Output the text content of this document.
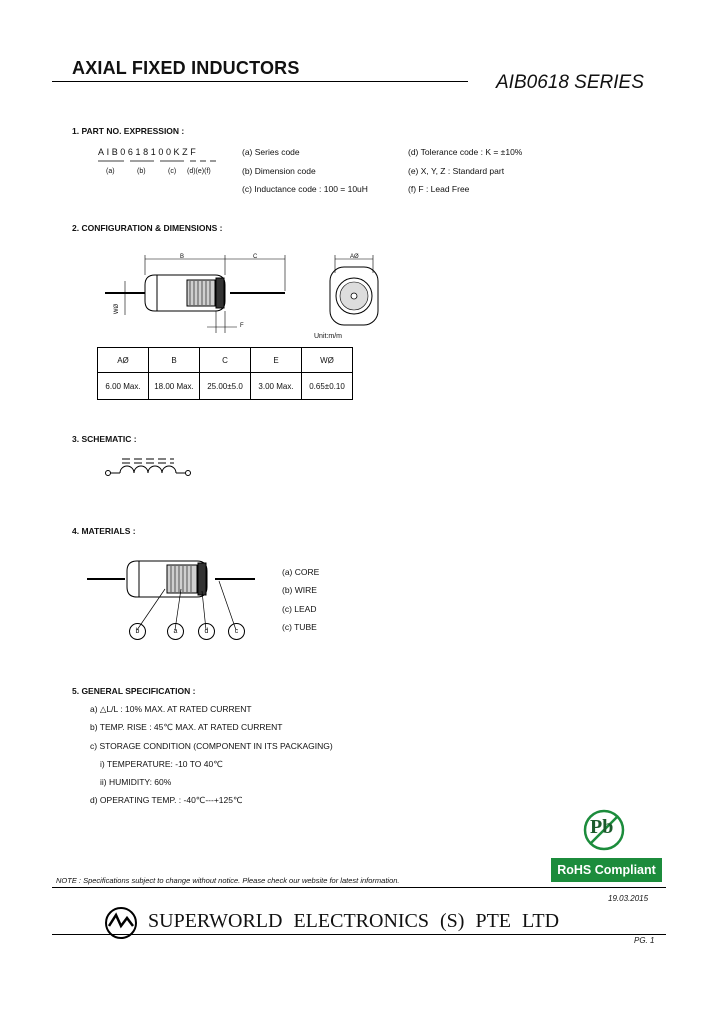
AXIAL FIXED INDUCTORS
AIB0618 SERIES
1. PART NO. EXPRESSION :
AIB0618100KZF
(a)	(b)	(c) (d)(e)(f)
(a) Series code
(b) Dimension code
(c) Inductance code : 100 = 10uH
(d) Tolerance code : K = ±10%
(e) X, Y, Z : Standard part
(f) F : Lead Free
2. CONFIGURATION & DIMENSIONS :
B	C	AØ
WØ
F
Unit:m/m
AØ	B	C	E	WØ
6.00 Max.	18.00 Max.	25.00±5.0	3.00 Max.	0.65±0.10
3. SCHEMATIC :
4. MATERIALS :
b	a	d	c
(a) CORE
(b) WIRE
(c) LEAD
(c) TUBE
5. GENERAL SPECIFICATION :
a) △L/L : 10% MAX. AT RATED CURRENT
b) TEMP. RISE : 45℃ MAX. AT RATED CURRENT
c) STORAGE CONDITION (COMPONENT IN ITS PACKAGING)
i) TEMPERATURE: -10 TO 40℃
ii) HUMIDITY: 60%
d) OPERATING TEMP. : -40℃---+125℃
Pb
RoHS Compliant
NOTE : Specifications subject to change without notice. Please check our website for latest information.
19.03.2015
SUPERWORLD ELECTRONICS (S) PTE LTD
PG. 1
